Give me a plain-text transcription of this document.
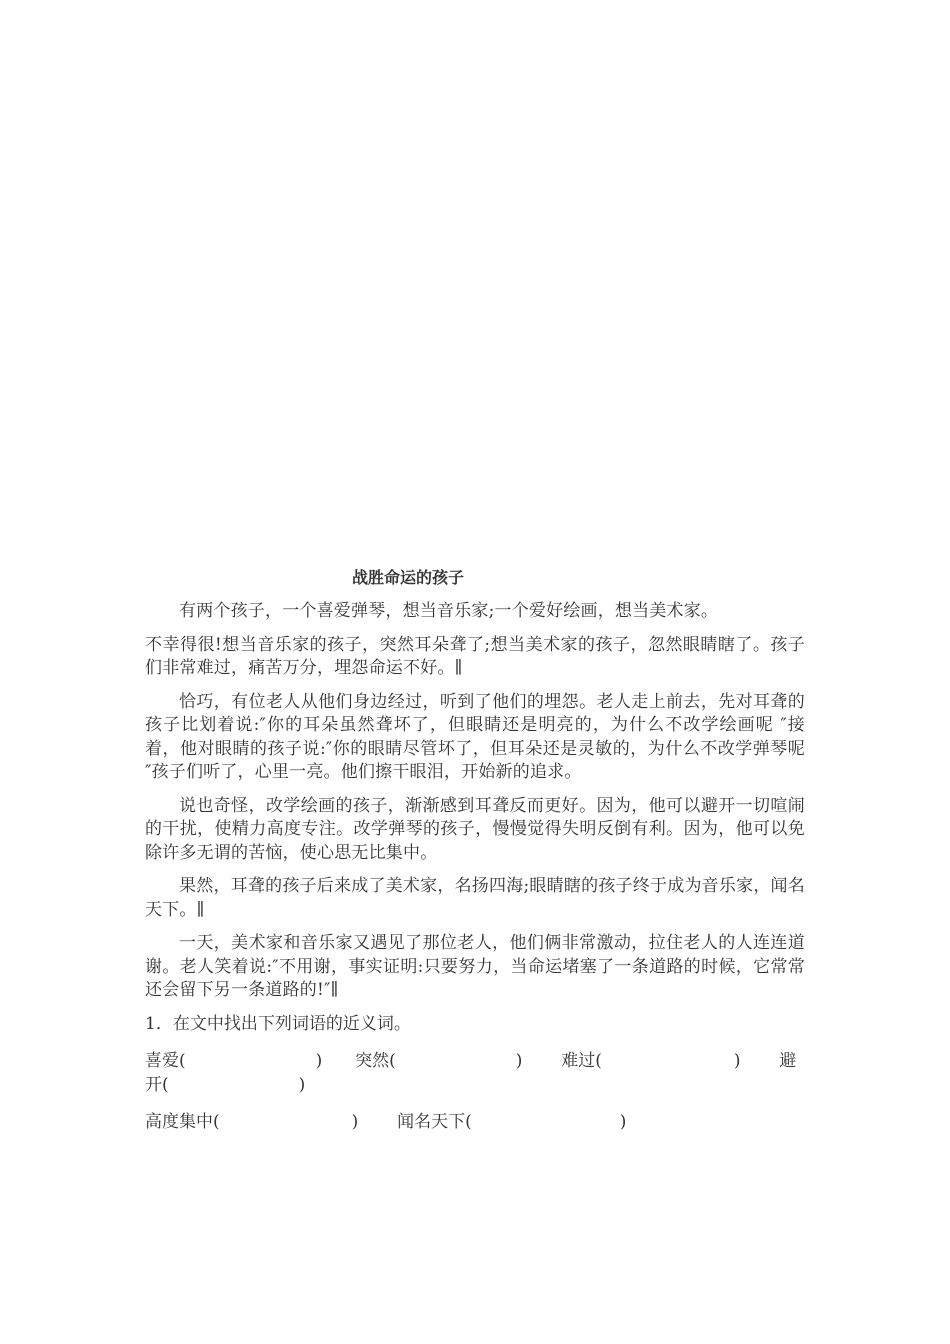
战胜命运的孩子

有两个孩子，一个喜爱弹琴，想当音乐家;一个爱好绘画，想当美术家。

不幸得很!想当音乐家的孩子，突然耳朵聋了;想当美术家的孩子，忽然眼睛瞎了。孩子们非常难过，痛苦万分，埋怨命运不好。∥

恰巧，有位老人从他们身边经过，听到了他们的埋怨。老人走上前去，先对耳聋的孩子比划着说:″你的耳朵虽然聋坏了，但眼睛还是明亮的，为什么不改学绘画呢 ″接着，他对眼睛的孩子说:″你的眼睛尽管坏了，但耳朵还是灵敏的，为什么不改学弹琴呢 ″孩子们听了，心里一亮。他们擦干眼泪，开始新的追求。

说也奇怪，改学绘画的孩子，渐渐感到耳聋反而更好。因为，他可以避开一切喧闹的干扰，使精力高度专注。改学弹琴的孩子，慢慢觉得失明反倒有利。因为，他可以免除许多无谓的苦恼，使心思无比集中。

果然，耳聋的孩子后来成了美术家，名扬四海;眼睛瞎的孩子终于成为音乐家，闻名天下。∥

一天，美术家和音乐家又遇见了那位老人，他们俩非常激动，拉住老人的人连连道谢。老人笑着说:″不用谢，事实证明:只要努力，当命运堵塞了一条道路的时候，它常常还会留下另一条道路的!″∥

1．在文中找出下列词语的近义词。
喜爱(	) 突然(	) 难过(	) 避开(	)
高度集中(	) 闻名天下(	)
